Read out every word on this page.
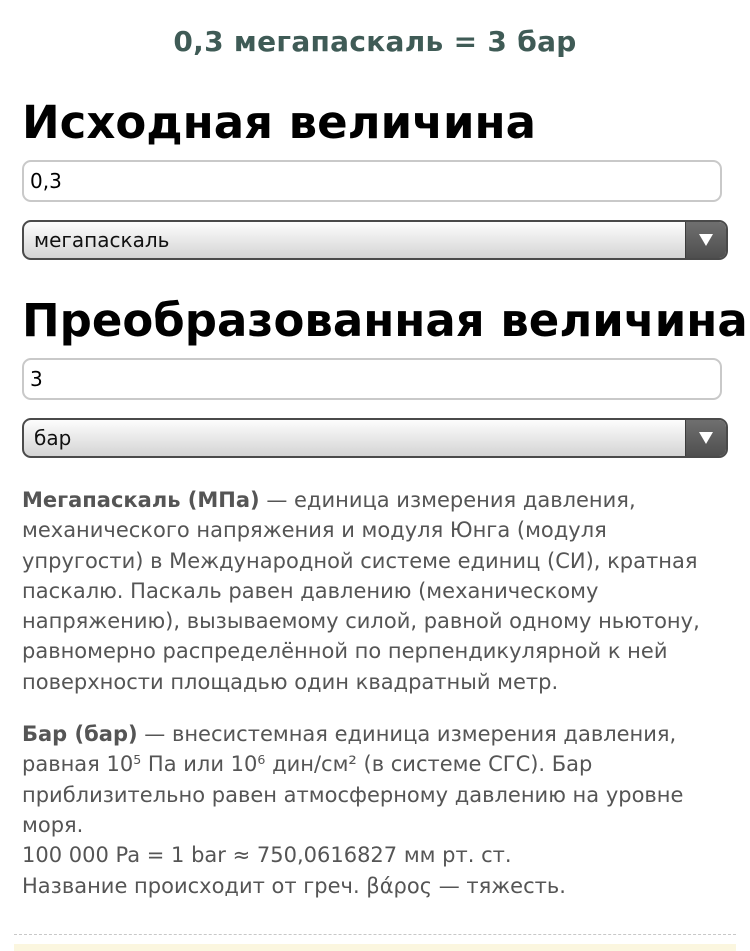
0,3 мегапаскаль = 3 бар
Исходная величина
0,3
мегапаскаль
Преобразованная величина
3
бар

Мегапаскаль (МПа) — единица измерения давления, механического напряжения и модуля Юнга (модуля упругости) в Международной системе единиц (СИ), кратная паскалю. Паскаль равен давлению (механическому напряжению), вызываемому силой, равной одному ньютону, равномерно распределённой по перпендикулярной к ней поверхности площадью один квадратный метр.

Бар (бар) — внесистемная единица измерения давления, равная $10^5$ Па или $10^6$ дин/см² (в системе СГС). Бар приблизительно равен атмосферному давлению на уровне моря.
100 000 Pa = 1 bar ≈ 750,0616827 мм рт. ст.
Название происходит от греч. βάρος — тяжесть.
